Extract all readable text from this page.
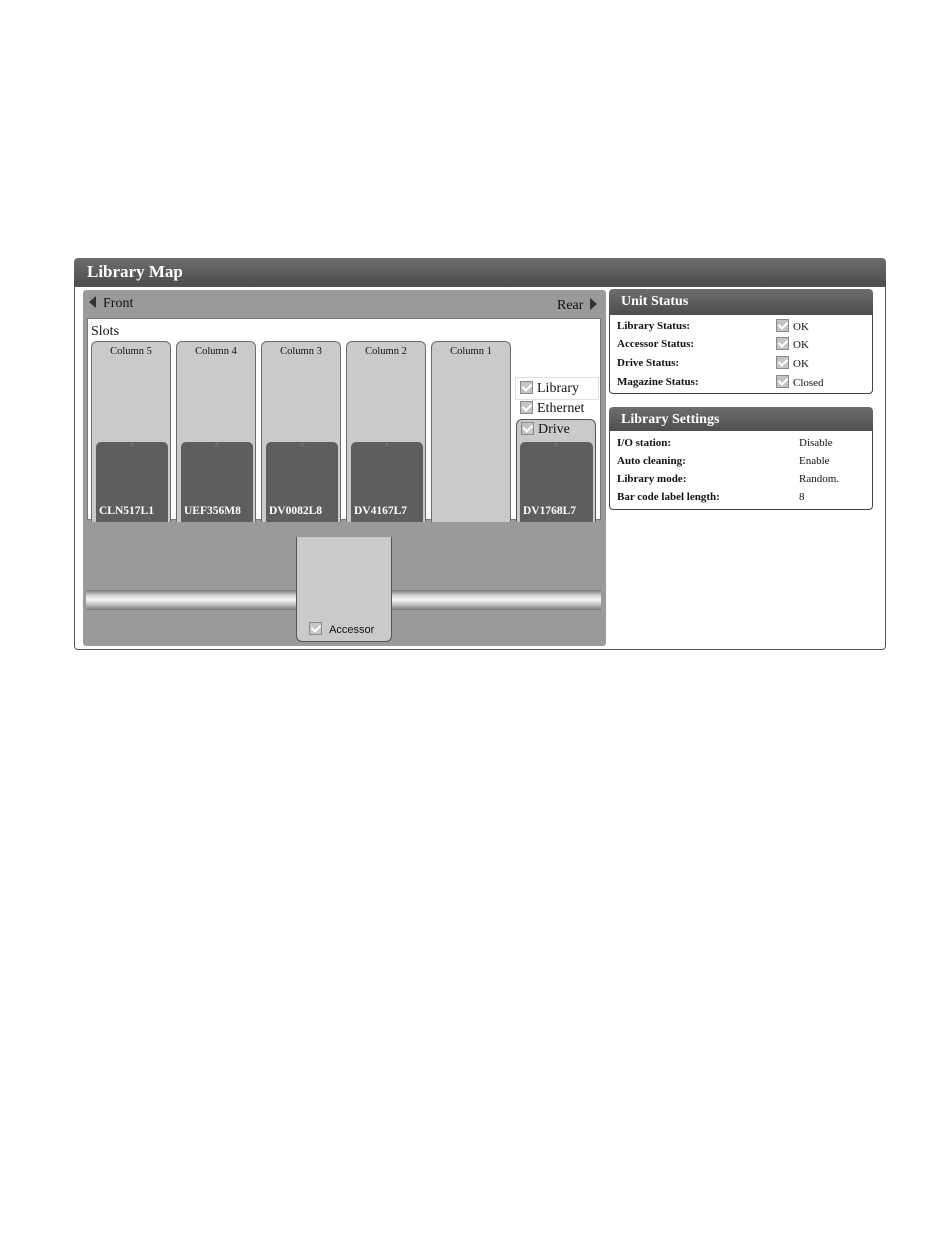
Library Map
Front	Rear
Slots
Column 5
^
CLN517L1
Column 4
^
UEF356M8
Column 3
^
DV0082L8
Column 2
^
DV4167L7
Column 1
Library
Ethernet
Drive
^
DV1768L7
Accessor
Unit Status
Library Status:	OK
Accessor Status:	OK
Drive Status:	OK
Magazine Status:	Closed
Library Settings
I/O station:	Disable
Auto cleaning:	Enable
Library mode:	Random.
Bar code label length:	8
